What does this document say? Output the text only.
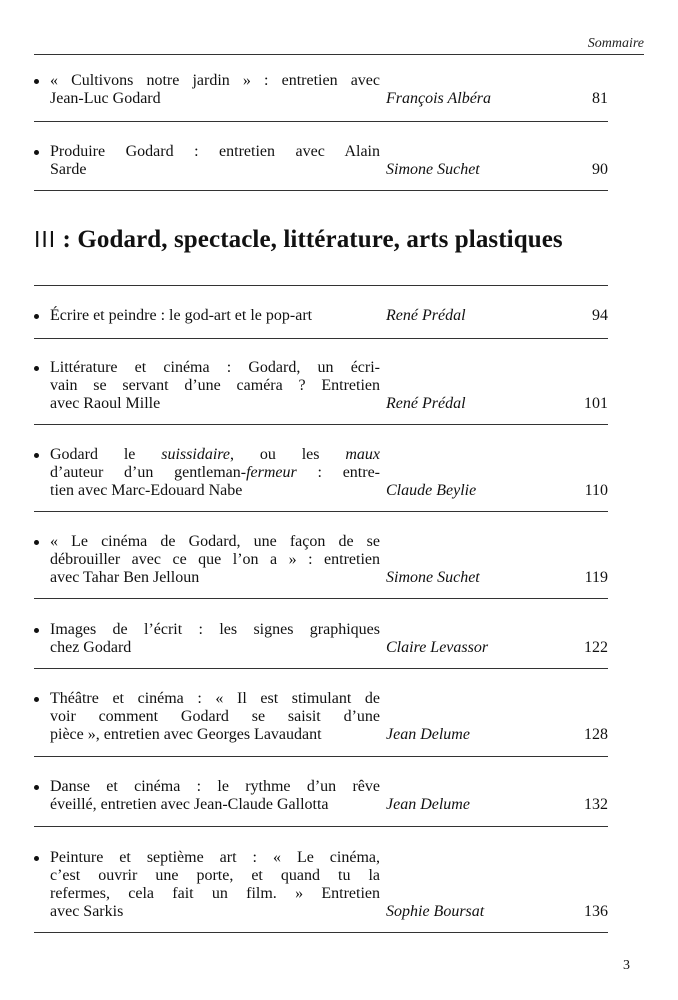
Sommaire
« Cultivons notre jardin » : entretien avec
Jean-Luc Godard	François Albéra	81
Produire Godard : entretien avec Alain
Sarde	Simone Suchet	90
III : Godard, spectacle, littérature, arts plastiques
Écrire et peindre : le god-art et le pop-art	René Prédal	94
Littérature et cinéma : Godard, un écri-
vain se servant d’une caméra ? Entretien
avec Raoul Mille	René Prédal	101
Godard le suissidaire, ou les maux
d’auteur d’un gentleman-fermeur : entre-
tien avec Marc-Edouard Nabe	Claude Beylie	110
« Le cinéma de Godard, une façon de se
débrouiller avec ce que l’on a » : entretien
avec Tahar Ben Jelloun	Simone Suchet	119
Images de l’écrit : les signes graphiques
chez Godard	Claire Levassor	122
Théâtre et cinéma : « Il est stimulant de
voir comment Godard se saisit d’une
pièce », entretien avec Georges Lavaudant	Jean Delume	128
Danse et cinéma : le rythme d’un rêve
éveillé, entretien avec Jean-Claude Gallotta	Jean Delume	132
Peinture et septième art : « Le cinéma,
c’est ouvrir une porte, et quand tu la
refermes, cela fait un film. » Entretien
avec Sarkis	Sophie Boursat	136
3
